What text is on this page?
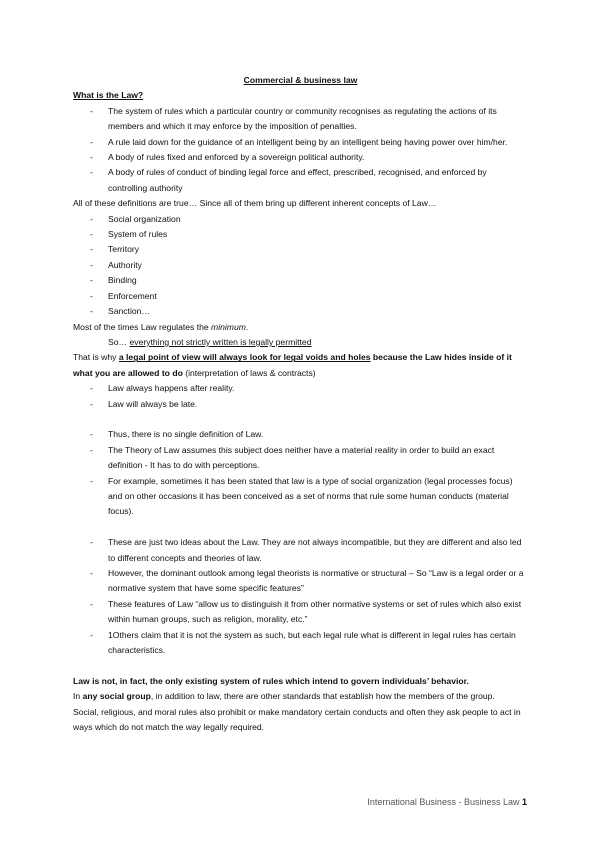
Commercial & business law

What is the Law?

- The system of rules which a particular country or community recognises as regulating the actions of its members and which it may enforce by the imposition of penalties.
- A rule laid down for the guidance of an intelligent being by an intelligent being having power over him/her.
- A body of rules fixed and enforced by a sovereign political authority.
- A body of rules of conduct of binding legal force and effect, prescribed, recognised, and enforced by controlling authority

All of these definitions are true… Since all of them bring up different inherent concepts of Law…

- Social organization
- System of rules
- Territory
- Authority
- Binding
- Enforcement
- Sanction…

Most of the times Law regulates the minimum.

So… everything not strictly written is legally permitted

That is why a legal point of view will always look for legal voids and holes because the Law hides inside of it what you are allowed to do (interpretation of laws & contracts)

- Law always happens after reality.
- Law will always be late.
- Thus, there is no single definition of Law.
- The Theory of Law assumes this subject does neither have a material reality in order to build an exact definition - It has to do with perceptions.
- For example, sometimes it has been stated that law is a type of social organization (legal processes focus) and on other occasions it has been conceived as a set of norms that rule some human conducts (material focus).
- These are just two ideas about the Law. They are not always incompatible, but they are different and also led to different concepts and theories of law.
- However, the dominant outlook among legal theorists is normative or structural – So “Law is a legal order or a normative system that have some specific features”
- These features of Law “allow us to distinguish it from other normative systems or set of rules which also exist within human groups, such as religion, morality, etc.”
- 1Others claim that it is not the system as such, but each legal rule what is different in legal rules has certain characteristics.

Law is not, in fact, the only existing system of rules which intend to govern individuals’ behavior.

In any social group, in addition to law, there are other standards that establish how the members of the group.

Social, religious, and moral rules also prohibit or make mandatory certain conducts and often they ask people to act in ways which do not match the way legally required.

International Business - Business Law 1
